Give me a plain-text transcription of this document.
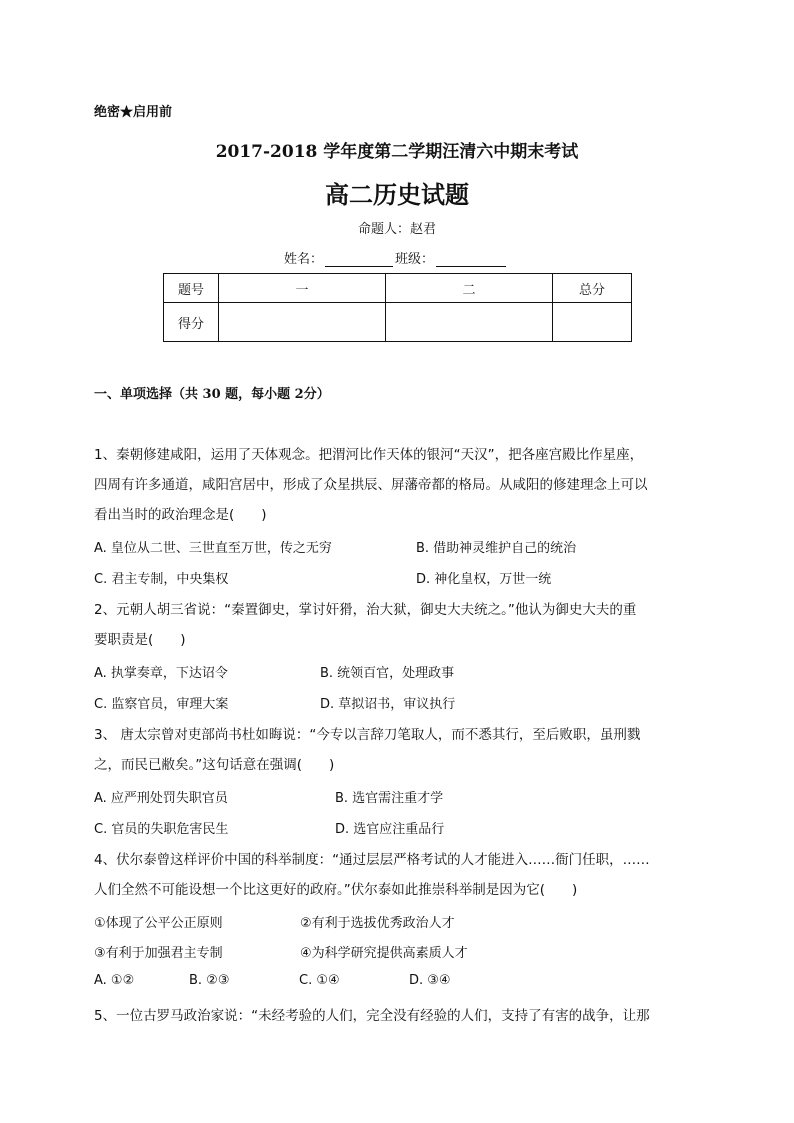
绝密★启用前
2017-2018 学年度第二学期汪清六中期末考试
高二历史试题
命题人：赵君
姓名：	班级：
题号	一	二	总分
得分			
一、单项选择（共 30 题，每小题 2分）
1、秦朝修建咸阳，运用了天体观念。把渭河比作天体的银河“天汉”，把各座宫殿比作星座，
四周有许多通道，咸阳宫居中，形成了众星拱辰、屏藩帝都的格局。从咸阳的修建理念上可以
看出当时的政治理念是(　　)
A. 皇位从二世、三世直至万世，传之无穷	B. 借助神灵维护自己的统治
C. 君主专制，中央集权	D. 神化皇权，万世一统
2、元朝人胡三省说：“秦置御史，掌讨奸猾，治大狱，御史大夫统之。”他认为御史大夫的重
要职责是(　　)
A. 执掌奏章，下达诏令	B. 统领百官，处理政事
C. 监察官员，审理大案	D. 草拟诏书，审议执行
3、 唐太宗曾对吏部尚书杜如晦说：“今专以言辞刀笔取人，而不悉其行，至后败职，虽刑戮
之，而民已敝矣。”这句话意在强调(　　)
A. 应严刑处罚失职官员	B. 选官需注重才学
C. 官员的失职危害民生	D. 选官应注重品行
4、伏尔泰曾这样评价中国的科举制度：“通过层层严格考试的人才能进入……衙门任职，……
人们全然不可能设想一个比这更好的政府。”伏尔泰如此推崇科举制是因为它(　　)
①体现了公平公正原则	②有利于选拔优秀政治人才
③有利于加强君主专制	④为科学研究提供高素质人才
A. ①②	B. ②③	C. ①④	D. ③④
5、一位古罗马政治家说：“未经考验的人们，完全没有经验的人们，支持了有害的战争，让那
